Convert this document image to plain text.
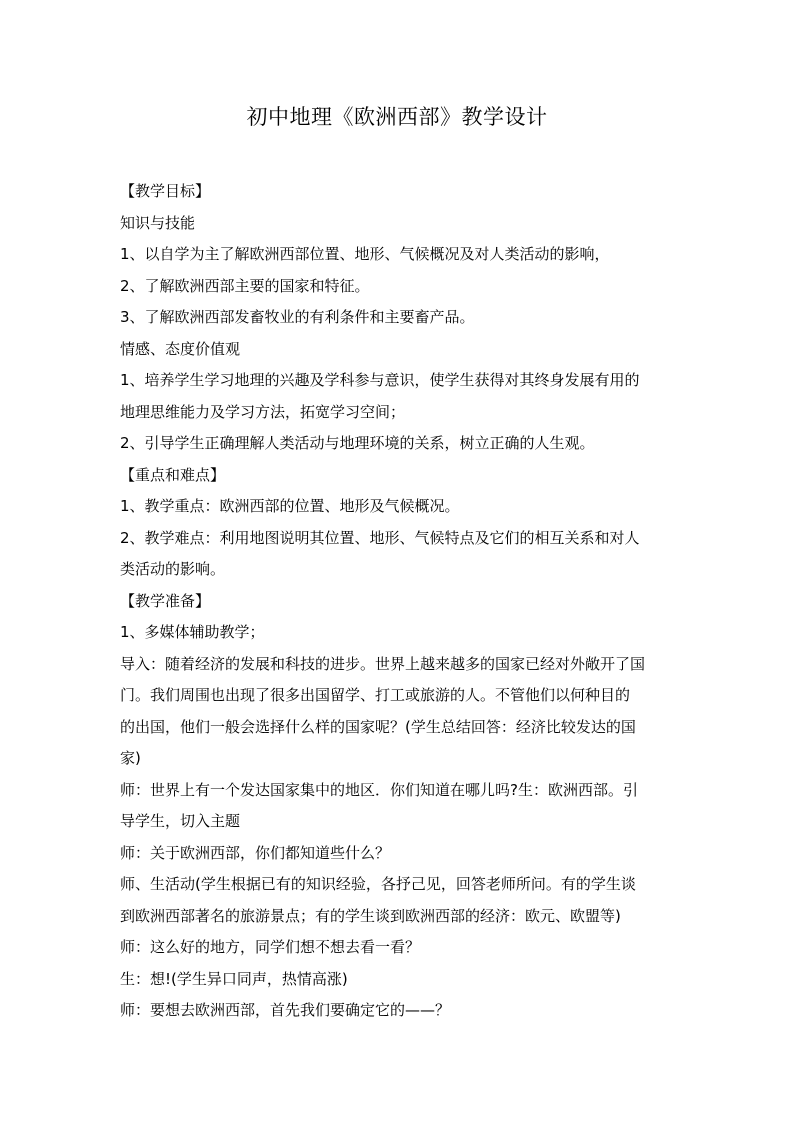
初中地理《欧洲西部》教学设计
【教学目标】
知识与技能
1、以自学为主了解欧洲西部位置、地形、气候概况及对人类活动的影响，
2、了解欧洲西部主要的国家和特征。
3、了解欧洲西部发畜牧业的有利条件和主要畜产品。
情感、态度价值观
1、培养学生学习地理的兴趣及学科参与意识，使学生获得对其终身发展有用的
地理思维能力及学习方法，拓宽学习空间；
2、引导学生正确理解人类活动与地理环境的关系，树立正确的人生观。
【重点和难点】
1、教学重点：欧洲西部的位置、地形及气候概况。
2、教学难点：利用地图说明其位置、地形、气候特点及它们的相互关系和对人
类活动的影响。
【教学准备】
1、多媒体辅助教学；
导入：随着经济的发展和科技的进步。世界上越来越多的国家已经对外敞开了国
门。我们周围也出现了很多出国留学、打工或旅游的人。不管他们以何种目的
的出国，他们一般会选择什么样的国家呢？(学生总结回答：经济比较发达的国
家)
师：世界上有一个发达国家集中的地区．你们知道在哪儿吗?生：欧洲西部。引
导学生，切入主题
师：关于欧洲西部，你们都知道些什么？
师、生活动(学生根据已有的知识经验，各抒己见，回答老师所问。有的学生谈
到欧洲西部著名的旅游景点；有的学生谈到欧洲西部的经济：欧元、欧盟等)
师：这么好的地方，同学们想不想去看一看？
生：想!(学生异口同声，热情高涨)
师：要想去欧洲西部，首先我们要确定它的——？
